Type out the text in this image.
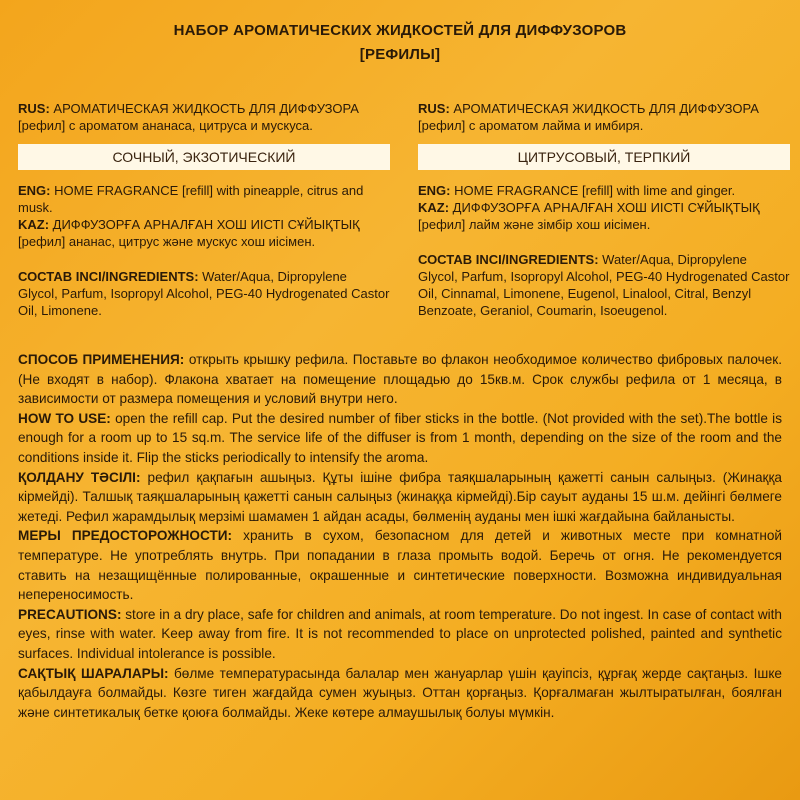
НАБОР АРОМАТИЧЕСКИХ ЖИДКОСТЕЙ ДЛЯ ДИФФУЗОРОВ
[РЕФИЛЫ]

RUS: АРОМАТИЧЕСКАЯ ЖИДКОСТЬ ДЛЯ ДИФФУЗОРА [рефил] с ароматом ананаса, цитруса и мускуса.

СОЧНЫЙ, ЭКЗОТИЧЕСКИЙ

ENG: HOME FRAGRANCE [refill] with pineapple, citrus and musk.

KAZ: ДИФФУЗОРҒА АРНАЛҒАН ХОШ ИІСТІ СҰЙЫҚТЫҚ [рефил] ананас, цитрус және мускус хош иісімен.

СОСТАВ INCI/INGREDIENTS: Water/Aqua, Dipropylene Glycol, Parfum, Isopropyl Alcohol, PEG-40 Hydrogenated Castor Oil, Limonene.

RUS: АРОМАТИЧЕСКАЯ ЖИДКОСТЬ ДЛЯ ДИФФУЗОРА [рефил] с ароматом лайма и имбиря.

ЦИТРУСОВЫЙ, ТЕРПКИЙ

ENG: HOME FRAGRANCE [refill] with lime and ginger.

KAZ: ДИФФУЗОРҒА АРНАЛҒАН ХОШ ИІСТІ СҰЙЫҚТЫҚ [рефил] лайм және зімбір хош иісімен.

СОСТАВ INCI/INGREDIENTS: Water/Aqua, Dipropylene Glycol, Parfum, Isopropyl Alcohol, PEG-40 Hydrogenated Castor Oil, Cinnamal, Limonene, Eugenol, Linalool, Citral, Benzyl Benzoate, Geraniol, Coumarin, Isoeugenol.

СПОСОБ ПРИМЕНЕНИЯ: открыть крышку рефила. Поставьте во флакон необходимое количество фибровых палочек. (Не входят в набор). Флакона хватает на помещение площадью до 15кв.м. Срок службы рефила от 1 месяца, в зависимости от размера помещения и условий внутри него.

HOW TO USE: open the refill cap. Put the desired number of fiber sticks in the bottle. (Not provided with the set).The bottle is enough for a room up to 15 sq.m. The service life of the diffuser is from 1 month, depending on the size of the room and the conditions inside it. Flip the sticks periodically to intensify the aroma.

ҚОЛДАНУ ТӘСІЛІ: рефил қақпағын ашыңыз. Құты ішіне фибра таяқшаларының қажетті санын салыңыз. (Жинаққа кірмейді). Талшық таяқшаларының қажетті санын салыңыз (жинаққа кірмейді).Бір сауыт ауданы 15 ш.м. дейінгі бөлмеге жетеді. Рефил жарамдылық мерзімі шамамен 1 айдан асады, бөлменің ауданы мен ішкі жағдайына байланысты.

МЕРЫ ПРЕДОСТОРОЖНОСТИ: хранить в сухом, безопасном для детей и животных месте при комнатной температуре. Не употреблять внутрь. При попадании в глаза промыть водой. Беречь от огня. Не рекомендуется ставить на незащищённые полированные, окрашенные и синтетические поверхности. Возможна индивидуальная непереносимость.

PRECAUTIONS: store in a dry place, safe for children and animals, at room temperature. Do not ingest. In case of contact with eyes, rinse with water. Keep away from fire. It is not recommended to place on unprotected polished, painted and synthetic surfaces. Individual intolerance is possible.

САҚТЫҚ ШАРАЛАРЫ: бөлме температурасында балалар мен жануарлар үшін қауіпсіз, құрғақ жерде сақтаңыз. Ішке қабылдауға болмайды. Көзге тиген жағдайда сумен жуыңыз. Оттан қорғаңыз. Қорғалмаған жылтыратылған, боялған және синтетикалық бетке қоюға болмайды. Жеке көтере алмаушылық болуы мүмкін.
